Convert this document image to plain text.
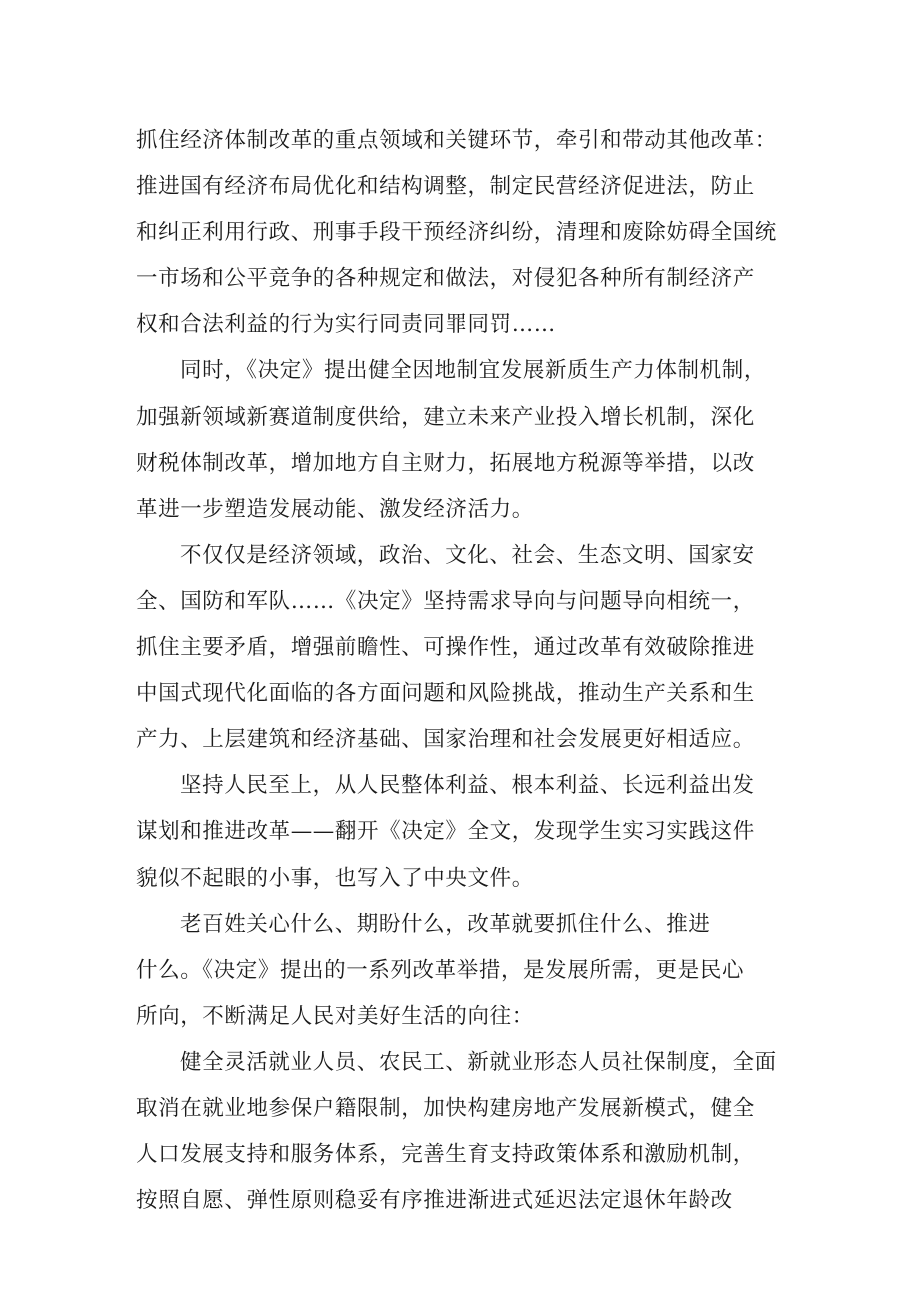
抓住经济体制改革的重点领域和关键环节，牵引和带动其他改革：
推进国有经济布局优化和结构调整，制定民营经济促进法，防止
和纠正利用行政、刑事手段干预经济纠纷，清理和废除妨碍全国统
一市场和公平竞争的各种规定和做法，对侵犯各种所有制经济产
权和合法利益的行为实行同责同罪同罚……
同时，《决定》提出健全因地制宜发展新质生产力体制机制，
加强新领域新赛道制度供给，建立未来产业投入增长机制，深化
财税体制改革，增加地方自主财力，拓展地方税源等举措，以改
革进一步塑造发展动能、激发经济活力。
不仅仅是经济领域，政治、文化、社会、生态文明、国家安
全、国防和军队……《决定》坚持需求导向与问题导向相统一，
抓住主要矛盾，增强前瞻性、可操作性，通过改革有效破除推进
中国式现代化面临的各方面问题和风险挑战，推动生产关系和生
产力、上层建筑和经济基础、国家治理和社会发展更好相适应。
坚持人民至上，从人民整体利益、根本利益、长远利益出发
谋划和推进改革——翻开《决定》全文，发现学生实习实践这件
貌似不起眼的小事，也写入了中央文件。
老百姓关心什么、期盼什么，改革就要抓住什么、推进
什么。《决定》提出的一系列改革举措，是发展所需，更是民心
所向，不断满足人民对美好生活的向往：
健全灵活就业人员、农民工、新就业形态人员社保制度，全面
取消在就业地参保户籍限制，加快构建房地产发展新模式，健全
人口发展支持和服务体系，完善生育支持政策体系和激励机制，
按照自愿、弹性原则稳妥有序推进渐进式延迟法定退休年龄改
